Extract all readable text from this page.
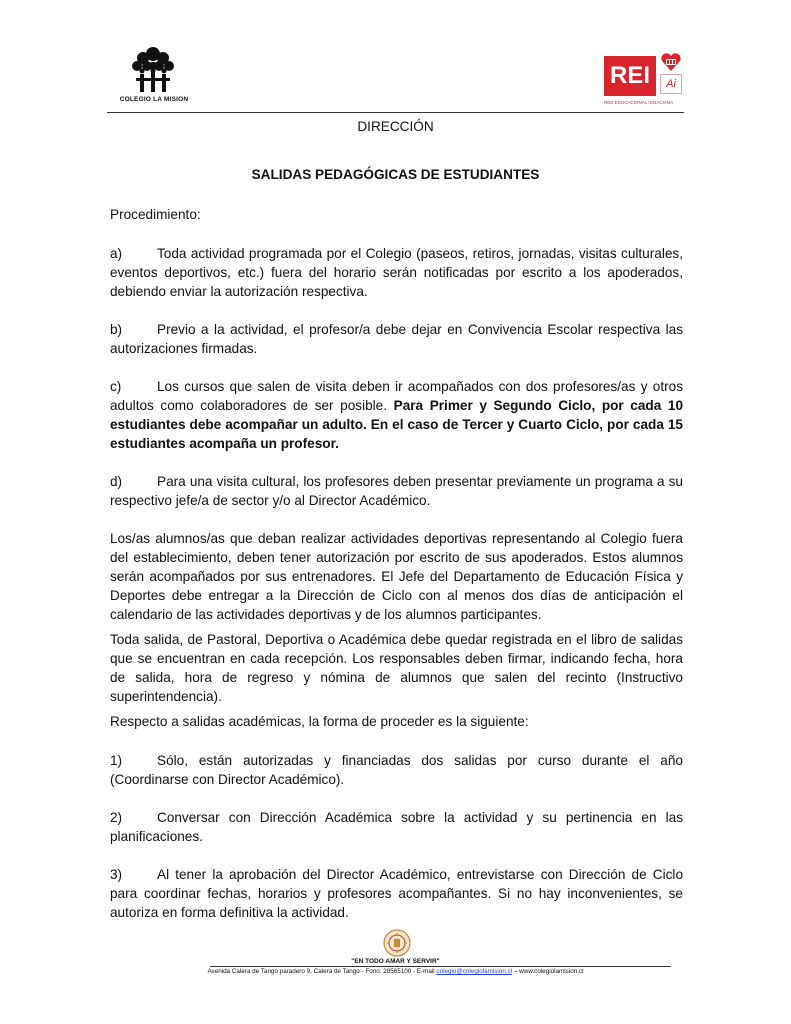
COLEGIO LA MISION
REI	Ai
RED EDUCACIONAL IGNACIANA
DIRECCIÓN
SALIDAS PEDAGÓGICAS DE ESTUDIANTES
Procedimiento:
a)	Toda actividad programada por el Colegio (paseos, retiros, jornadas, visitas culturales, eventos deportivos, etc.) fuera del horario serán notificadas por escrito a los apoderados, debiendo enviar la autorización respectiva.
b)	Previo a la actividad, el profesor/a debe dejar en Convivencia Escolar respectiva las autorizaciones firmadas.
c)	Los cursos que salen de visita deben ir acompañados con dos profesores/as y otros adultos como colaboradores de ser posible. Para Primer y Segundo Ciclo, por cada 10 estudiantes debe acompañar un adulto. En el caso de Tercer y Cuarto Ciclo, por cada 15 estudiantes acompaña un profesor.
d)	Para una visita cultural, los profesores deben presentar previamente un programa a su respectivo jefe/a de sector y/o al Director Académico.
Los/as alumnos/as que deban realizar actividades deportivas representando al Colegio fuera del establecimiento, deben tener autorización por escrito de sus apoderados. Estos alumnos serán acompañados por sus entrenadores. El Jefe del Departamento de Educación Física y Deportes debe entregar a la Dirección de Ciclo con al menos dos días de anticipación el calendario de las actividades deportivas y de los alumnos participantes.
Toda salida, de Pastoral, Deportiva o Académica debe quedar registrada en el libro de salidas que se encuentran en cada recepción. Los responsables deben firmar, indicando fecha, hora de salida, hora de regreso y nómina de alumnos que salen del recinto (Instructivo superintendencia).
Respecto a salidas académicas, la forma de proceder es la siguiente:
1)	Sólo, están autorizadas y financiadas dos salidas por curso durante el año (Coordinarse con Director Académico).
2)	Conversar con Dirección Académica sobre la actividad y su pertinencia en las planificaciones.
3)	Al tener la aprobación del Director Académico, entrevistarse con Dirección de Ciclo para coordinar fechas, horarios y profesores acompañantes. Si no hay inconvenientes, se autoriza en forma definitiva la actividad.
"EN TODO AMAR Y SERVIR"
Avenida Calera de Tango paradero 9, Calera de Tango - Fono: 28565100 - E-mail colegio@colegiolamision.cl – www.colegiolamision.cl
